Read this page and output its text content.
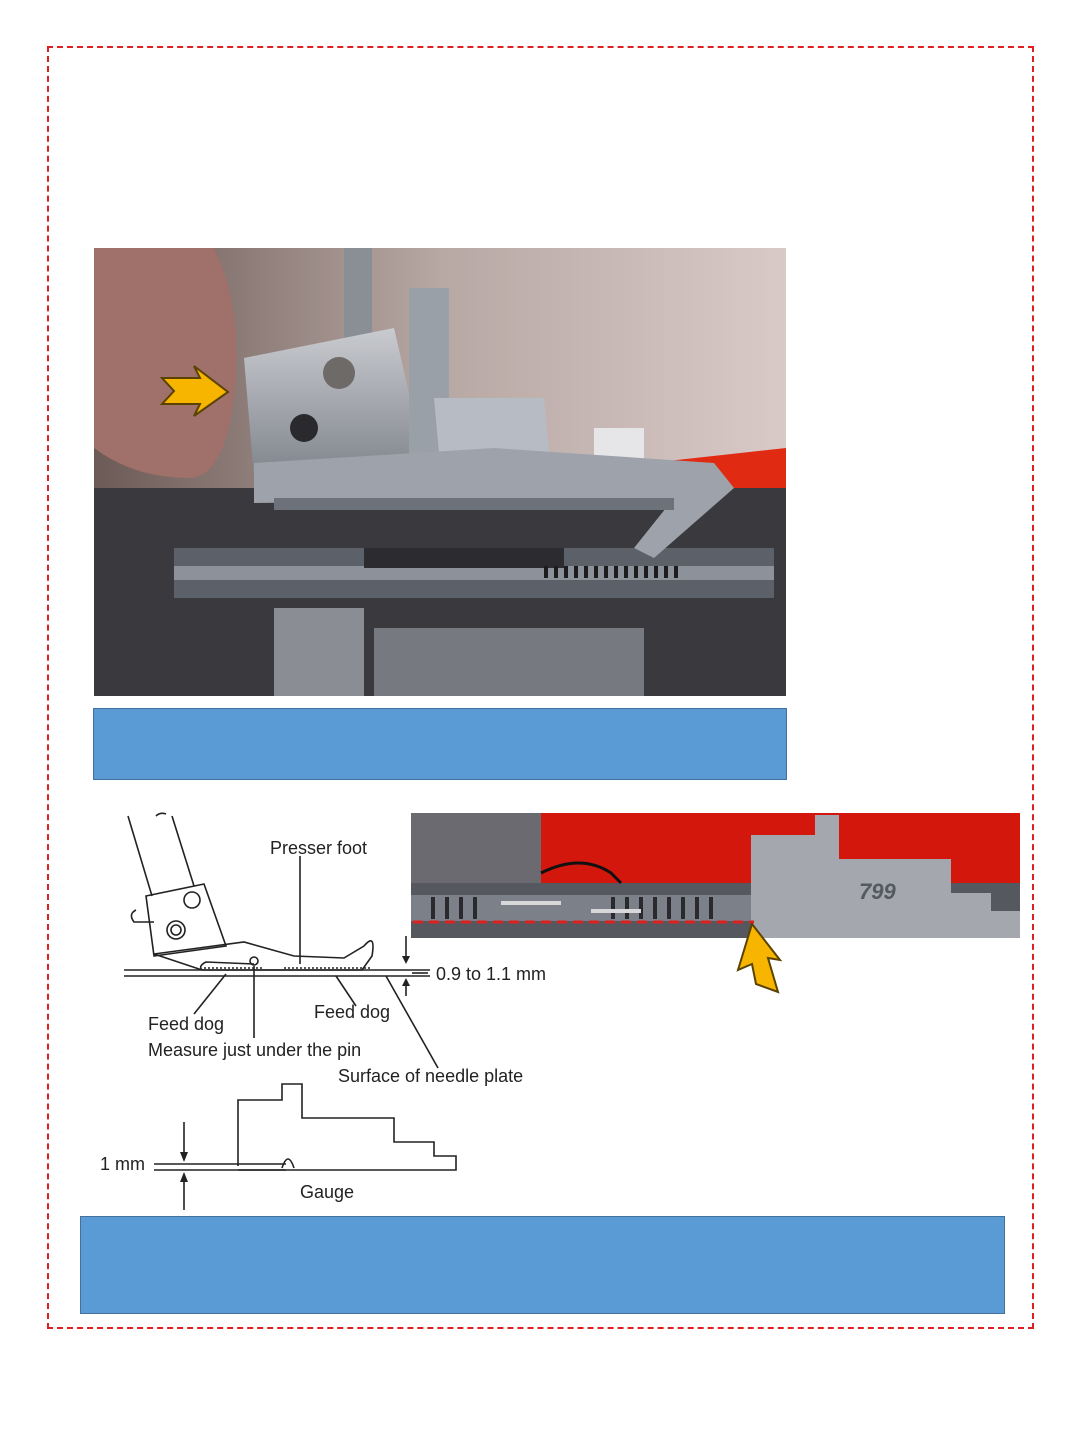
Presser foot
0.9 to 1.1 mm
Feed dog
Feed dog
Measure just under the pin
Surface of needle plate
1 mm
Gauge
799
